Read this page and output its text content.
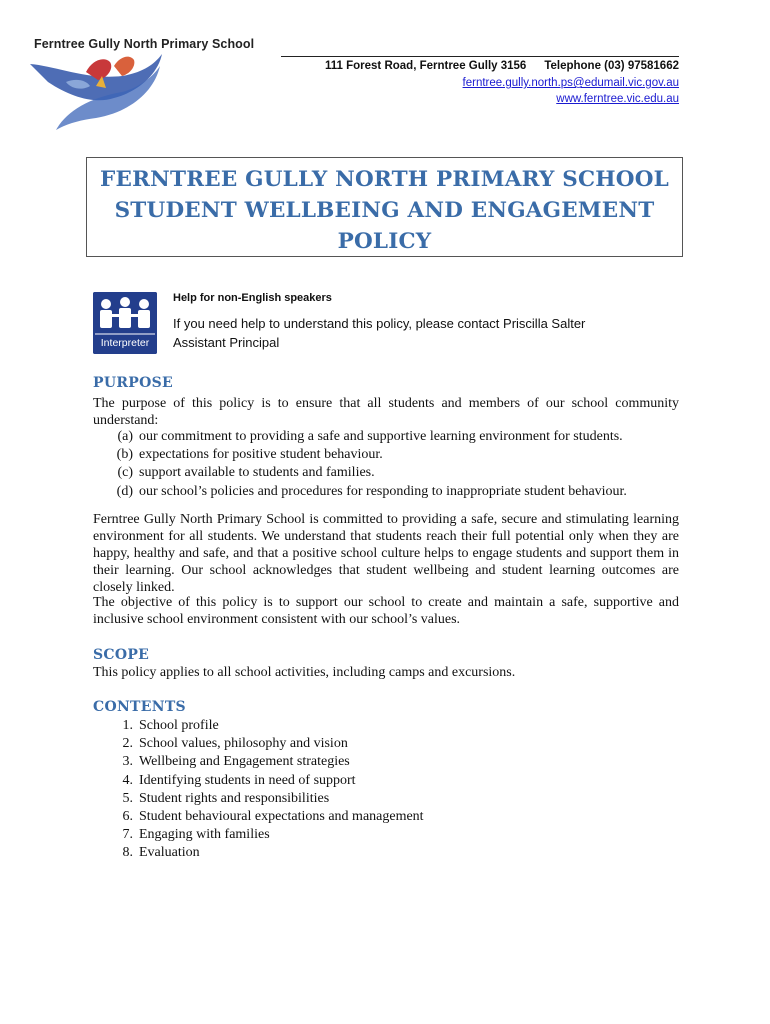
Ferntree Gully North Primary School
111 Forest Road, Ferntree Gully 3156 Telephone (03) 97581662
ferntree.gully.north.ps@edumail.vic.gov.au
www.ferntree.vic.edu.au
FERNTREE GULLY NORTH PRIMARY SCHOOL
STUDENT WELLBEING AND ENGAGEMENT
POLICY
Interpreter
Help for non-English speakers
If you need help to understand this policy, please contact Priscilla Salter
Assistant Principal
PURPOSE
The purpose of this policy is to ensure that all students and members of our school community understand:
(a) our commitment to providing a safe and supportive learning environment for students.
(b) expectations for positive student behaviour.
(c) support available to students and families.
(d) our school’s policies and procedures for responding to inappropriate student behaviour.
Ferntree Gully North Primary School is committed to providing a safe, secure and stimulating learning environment for all students. We understand that students reach their full potential only when they are happy, healthy and safe, and that a positive school culture helps to engage students and support them in their learning. Our school acknowledges that student wellbeing and student learning outcomes are closely linked.
The objective of this policy is to support our school to create and maintain a safe, supportive and inclusive school environment consistent with our school’s values.
SCOPE
This policy applies to all school activities, including camps and excursions.
CONTENTS
1. School profile
2. School values, philosophy and vision
3. Wellbeing and Engagement strategies
4. Identifying students in need of support
5. Student rights and responsibilities
6. Student behavioural expectations and management
7. Engaging with families
8. Evaluation
